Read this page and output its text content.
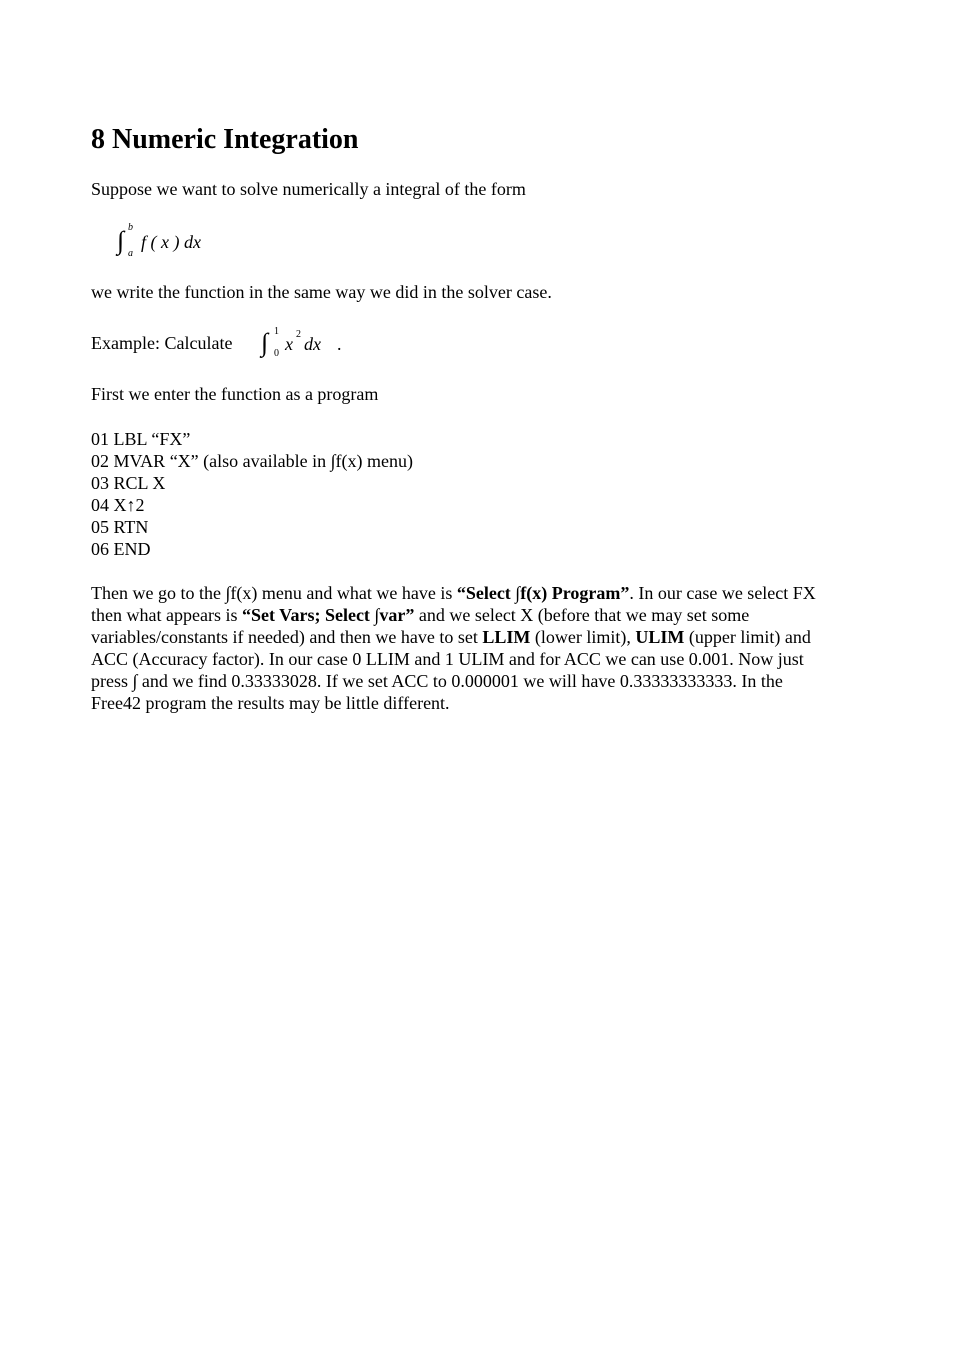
8 Numeric Integration

Suppose we want to solve numerically a integral of the form

∫ b
a
f ( x ) dx

we write the function in the same way we did in the solver case.

Example: Calculate ∫ 1
0 x 2 dx .

First we enter the function as a program

01 LBL “FX”
02 MVAR “X” (also available in ∫f(x) menu)
03 RCL X
04 X↑2
05 RTN
06 END
Then we go to the ∫f(x) menu and what we have is “Select ∫f(x) Program”. In our case we select FX
then what appears is “Set Vars; Select ∫var” and we select X (before that we may set some
variables/constants if needed) and then we have to set LLIM (lower limit), ULIM (upper limit) and
ACC (Accuracy factor). In our case 0 LLIM and 1 ULIM and for ACC we can use 0.001. Now just
press ∫ and we find 0.33333028. If we set ACC to 0.000001 we will have 0.33333333333. In the
Free42 program the results may be little different.
